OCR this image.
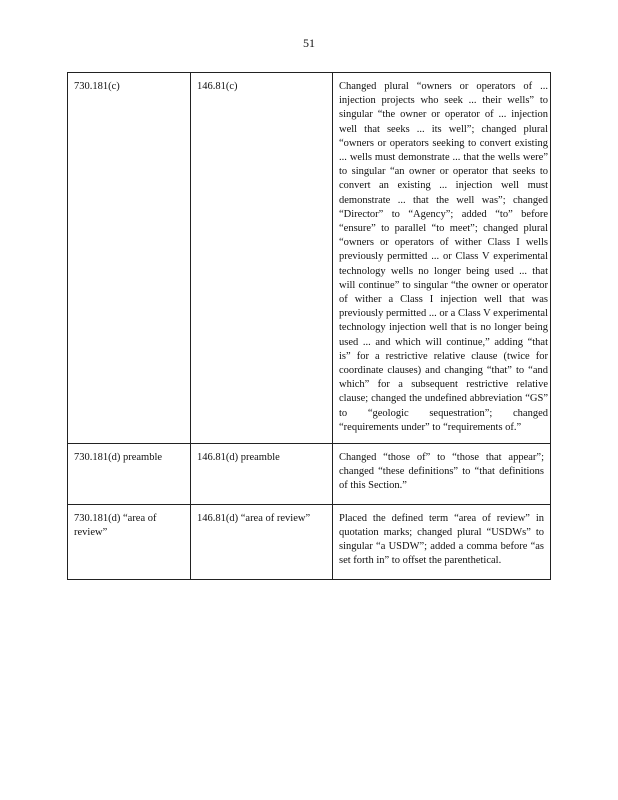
51
730.181(c)	146.81(c)	Changed plural “owners or operators of ... injection projects who seek ... their wells” to singular “the owner or operator of ... injection well that seeks ... its well”; changed plural “owners or operators seeking to convert existing ... wells must demonstrate ... that the wells were” to singular “an owner or operator that seeks to convert an existing ... injection well must demonstrate ... that the well was”; changed “Director” to “Agency”; added “to” before “ensure” to parallel “to meet”; changed plural “owners or operators of wither Class I wells previously permitted ... or Class V experimental technology wells no longer being used ... that will continue” to singular “the owner or operator of wither a Class I injection well that was previously permitted ... or a Class V experimental technology injection well that is no longer being used ... and which will continue,” adding “that is” for a restrictive relative clause (twice for coordinate clauses) and changing “that” to “and which” for a subsequent restrictive relative clause; changed the undefined abbreviation “GS” to “geologic sequestration”; changed “requirements under” to “requirements of.”
730.181(d) preamble	146.81(d) preamble	Changed “those of” to “those that appear”; changed “these definitions” to “that definitions of this Section.”
730.181(d) “area of review”	146.81(d) “area of review”	Placed the defined term “area of review” in quotation marks; changed plural “USDWs” to singular “a USDW”; added a comma before “as set forth in” to offset the parenthetical.
